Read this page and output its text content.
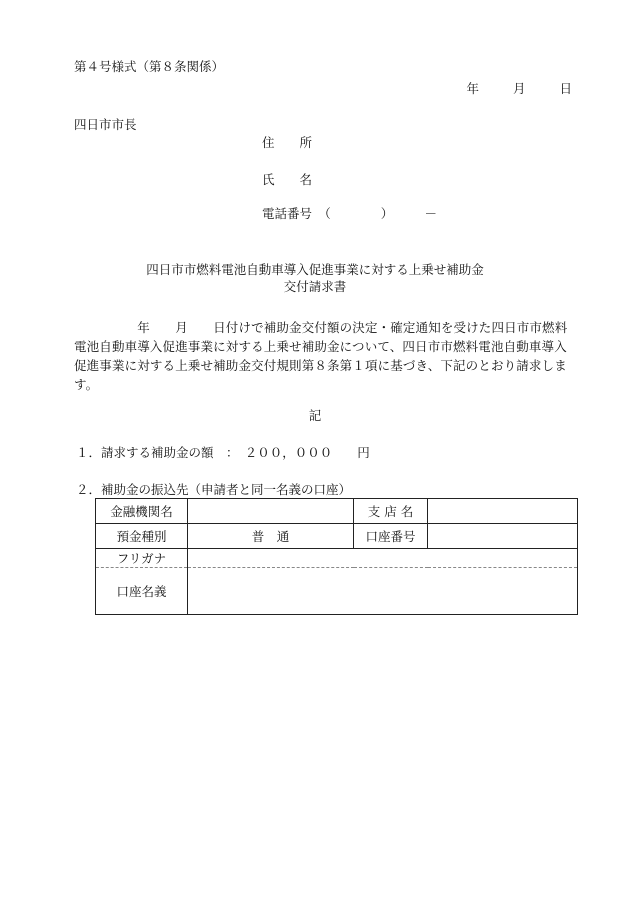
第４号様式（第８条関係）
年	月	日
四日市市長
住　　所
氏　　名
電話番号　（　　　　）　　　－
四日市市燃料電池自動車導入促進事業に対する上乗せ補助金
交付請求書
　　　　　年　　月　　日付けで補助金交付額の決定・確定通知を受けた四日市市燃料電池自動車導入促進事業に対する上乗せ補助金について、四日市市燃料電池自動車導入促進事業に対する上乗せ補助金交付規則第８条第１項に基づき、下記のとおり請求します。
記
１．請求する補助金の額　：　２００，０００　　円
２．補助金の振込先（申請者と同一名義の口座）
金融機関名		支 店 名	
預金種別	普　通	口座番号	
フリガナ			
口座名義			
